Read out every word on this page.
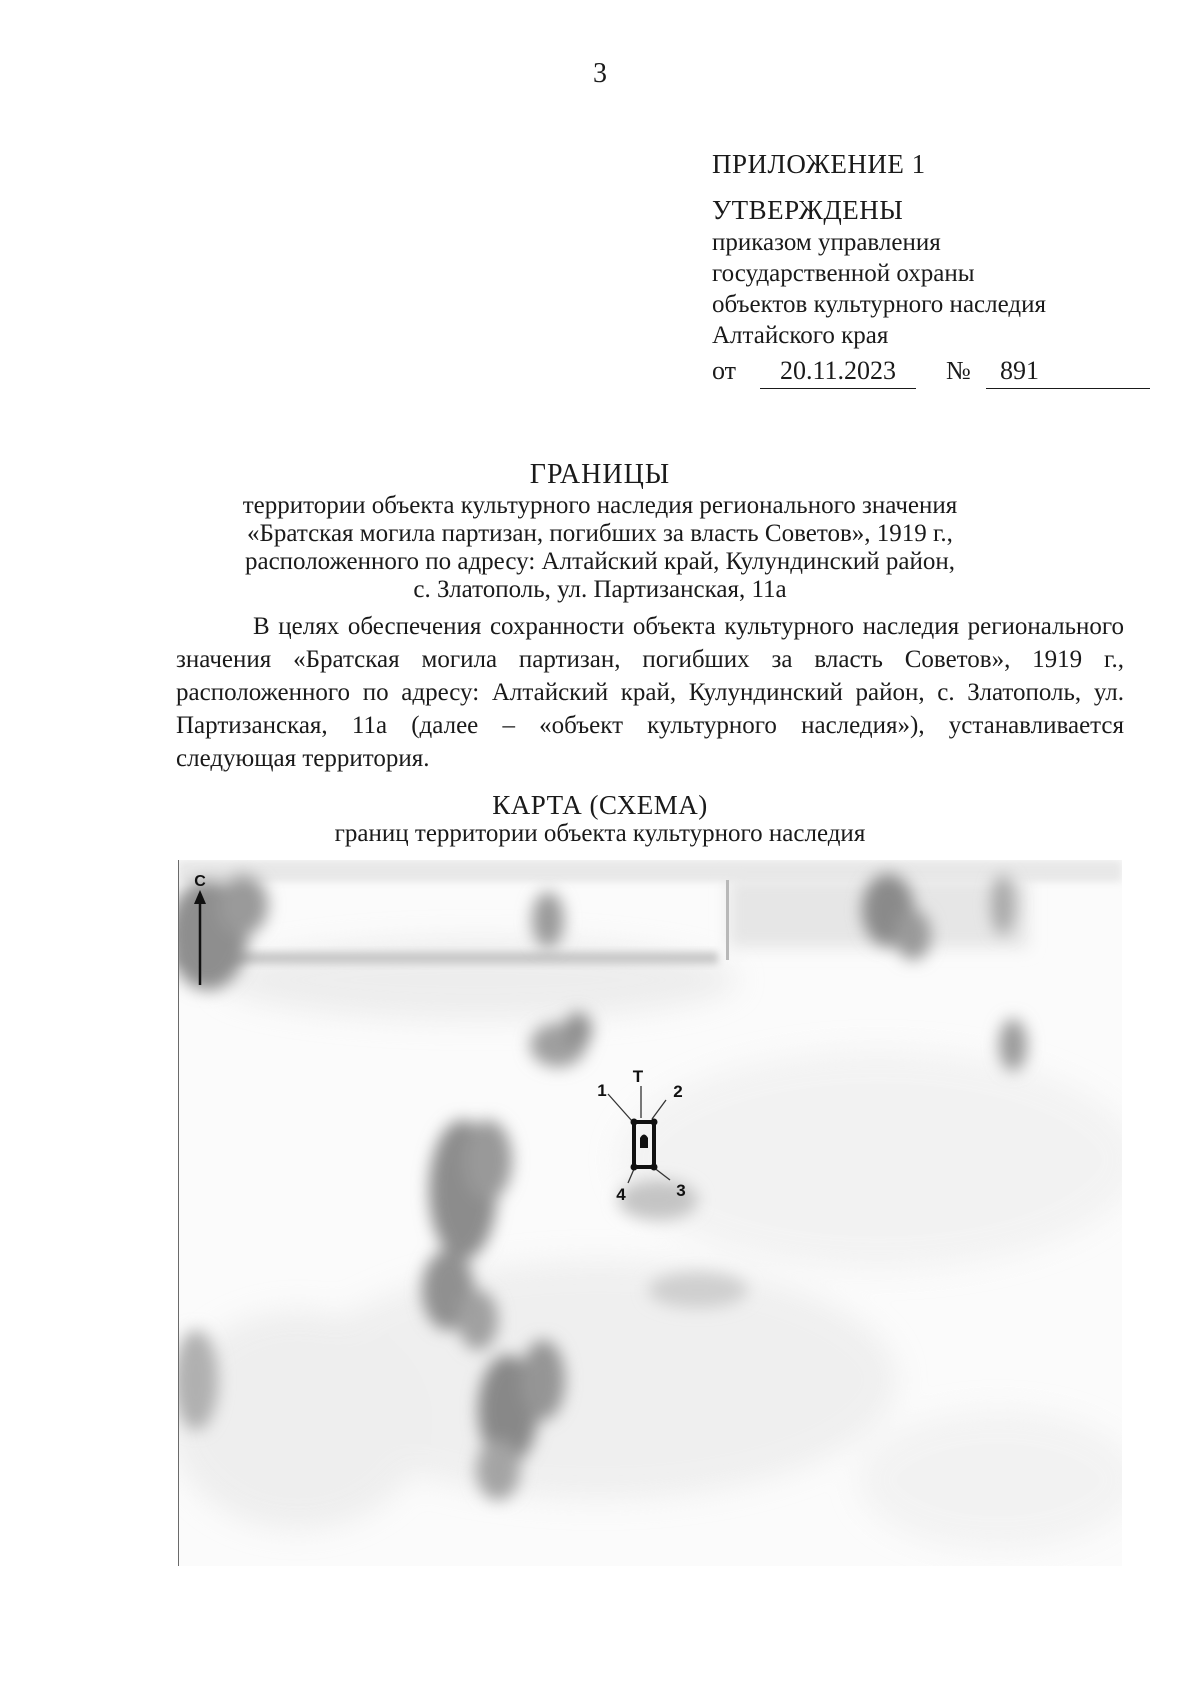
3
ПРИЛОЖЕНИЕ 1
УТВЕРЖДЕНЫ
приказом управления
государственной охраны
объектов культурного наследия
Алтайского края
от	20.11.2023	№	891
ГРАНИЦЫ
территории объекта культурного наследия регионального значения
«Братская могила партизан, погибших за власть Советов», 1919 г.,
расположенного по адресу: Алтайский край, Кулундинский район,
с. Златополь, ул. Партизанская, 11а
В целях обеспечения сохранности объекта культурного наследия регионального значения «Братская могила партизан, погибших за власть Советов», 1919 г., расположенного по адресу: Алтайский край, Кулундинский район, с. Златополь, ул. Партизанская, 11а (далее – «объект культурного наследия»), устанавливается следующая территория.
КАРТА (СХЕМА)
границ территории объекта культурного наследия
С
Т
1	2
3
4
